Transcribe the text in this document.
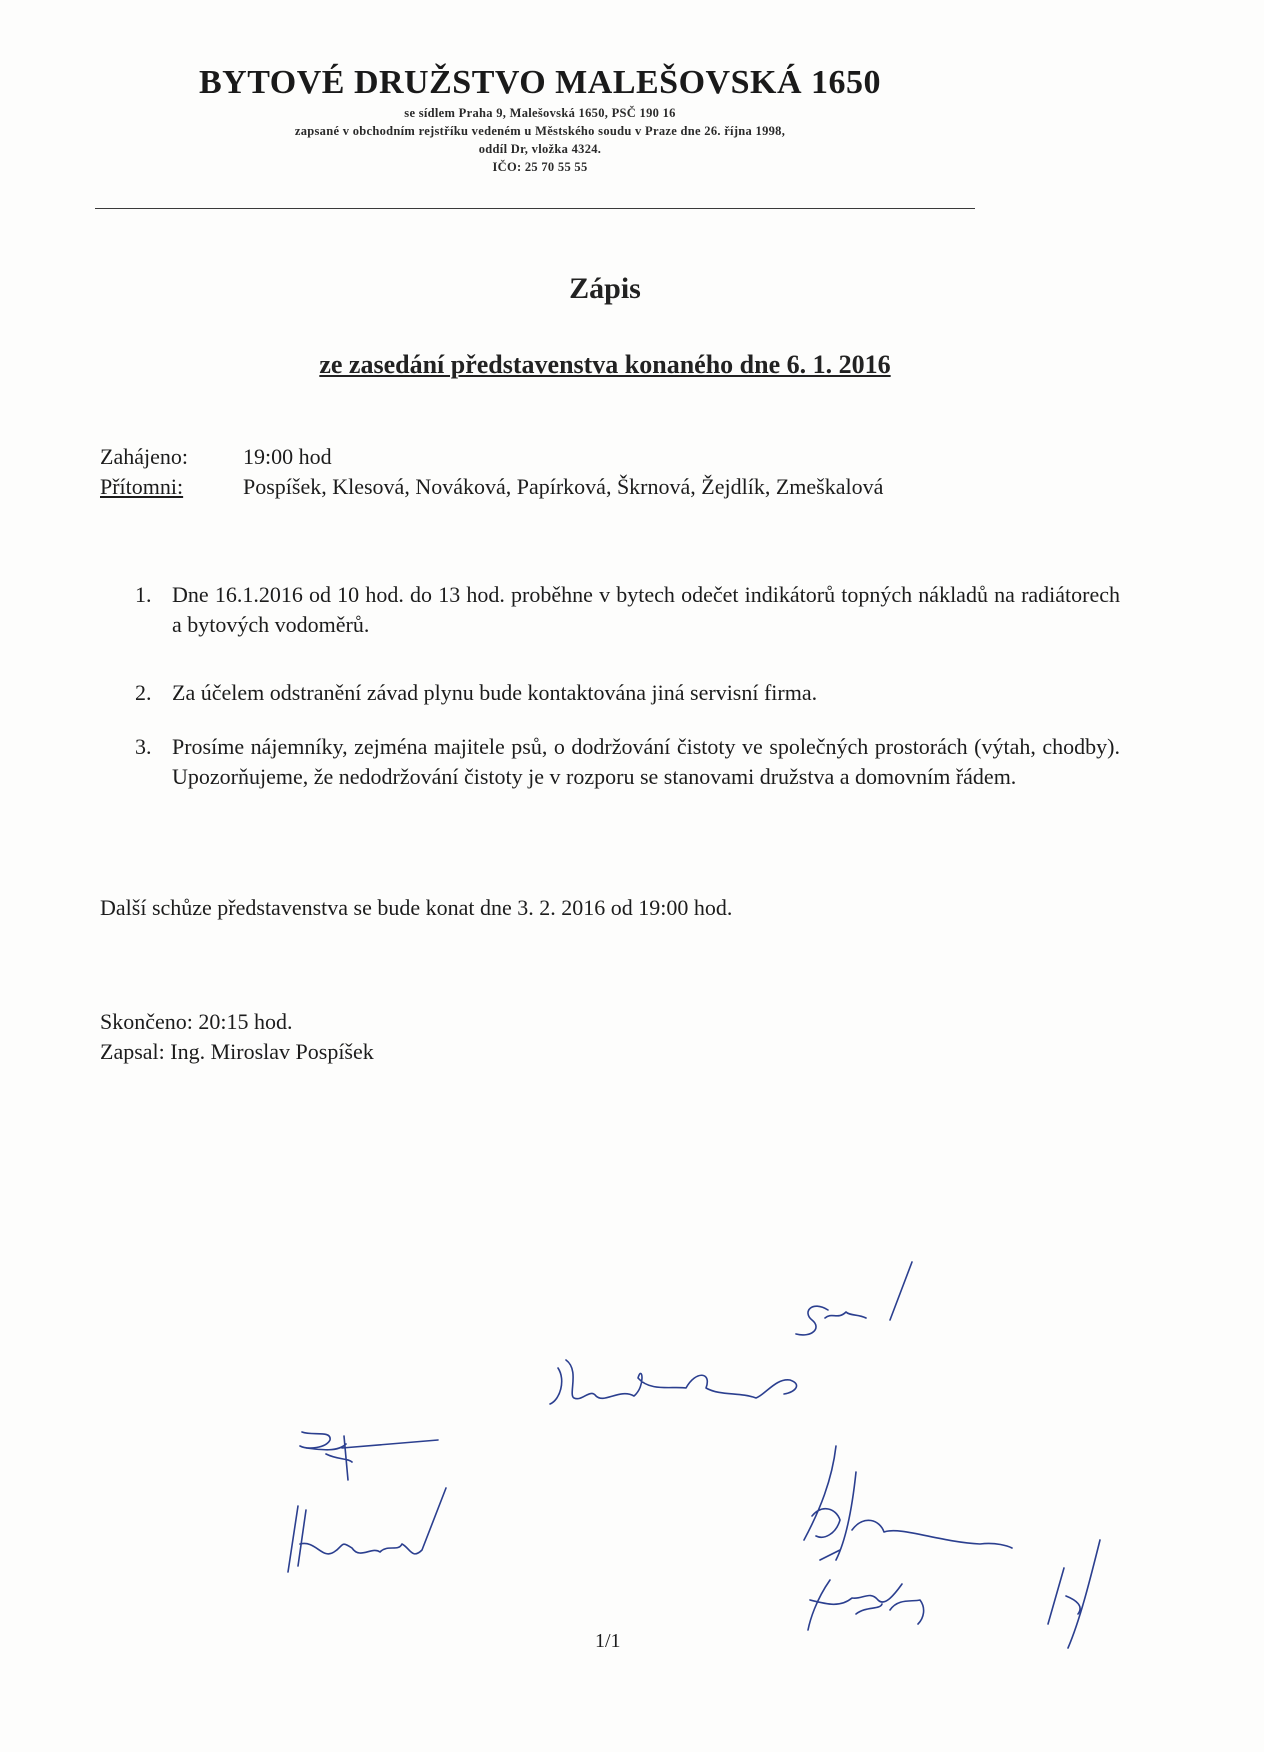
BYTOVÉ DRUŽSTVO MALEŠOVSKÁ 1650
se sídlem Praha 9, Malešovská 1650, PSČ 190 16
zapsané v obchodním rejstříku vedeném u Městského soudu v Praze dne 26. října 1998,
oddíl Dr, vložka 4324.
IČO: 25 70 55 55
Zápis
ze zasedání představenstva konaného dne 6. 1. 2016
Zahájeno:	19:00 hod
Přítomni:	Pospíšek, Klesová, Nováková, Papírková, Škrnová, Žejdlík, Zmeškalová
1. Dne 16.1.2016 od 10 hod. do 13 hod. proběhne v bytech odečet indikátorů topných nákladů na radiátorech a bytových vodoměrů.
2. Za účelem odstranění závad plynu bude kontaktována jiná servisní firma.
3. Prosíme nájemníky, zejména majitele psů, o dodržování čistoty ve společných prostorách (výtah, chodby). Upozorňujeme, že nedodržování čistoty je v rozporu se stanovami družstva a domovním řádem.
Další schůze představenstva se bude konat dne 3. 2. 2016 od 19:00 hod.
Skončeno: 20:15 hod.
Zapsal: Ing. Miroslav Pospíšek
1/1
